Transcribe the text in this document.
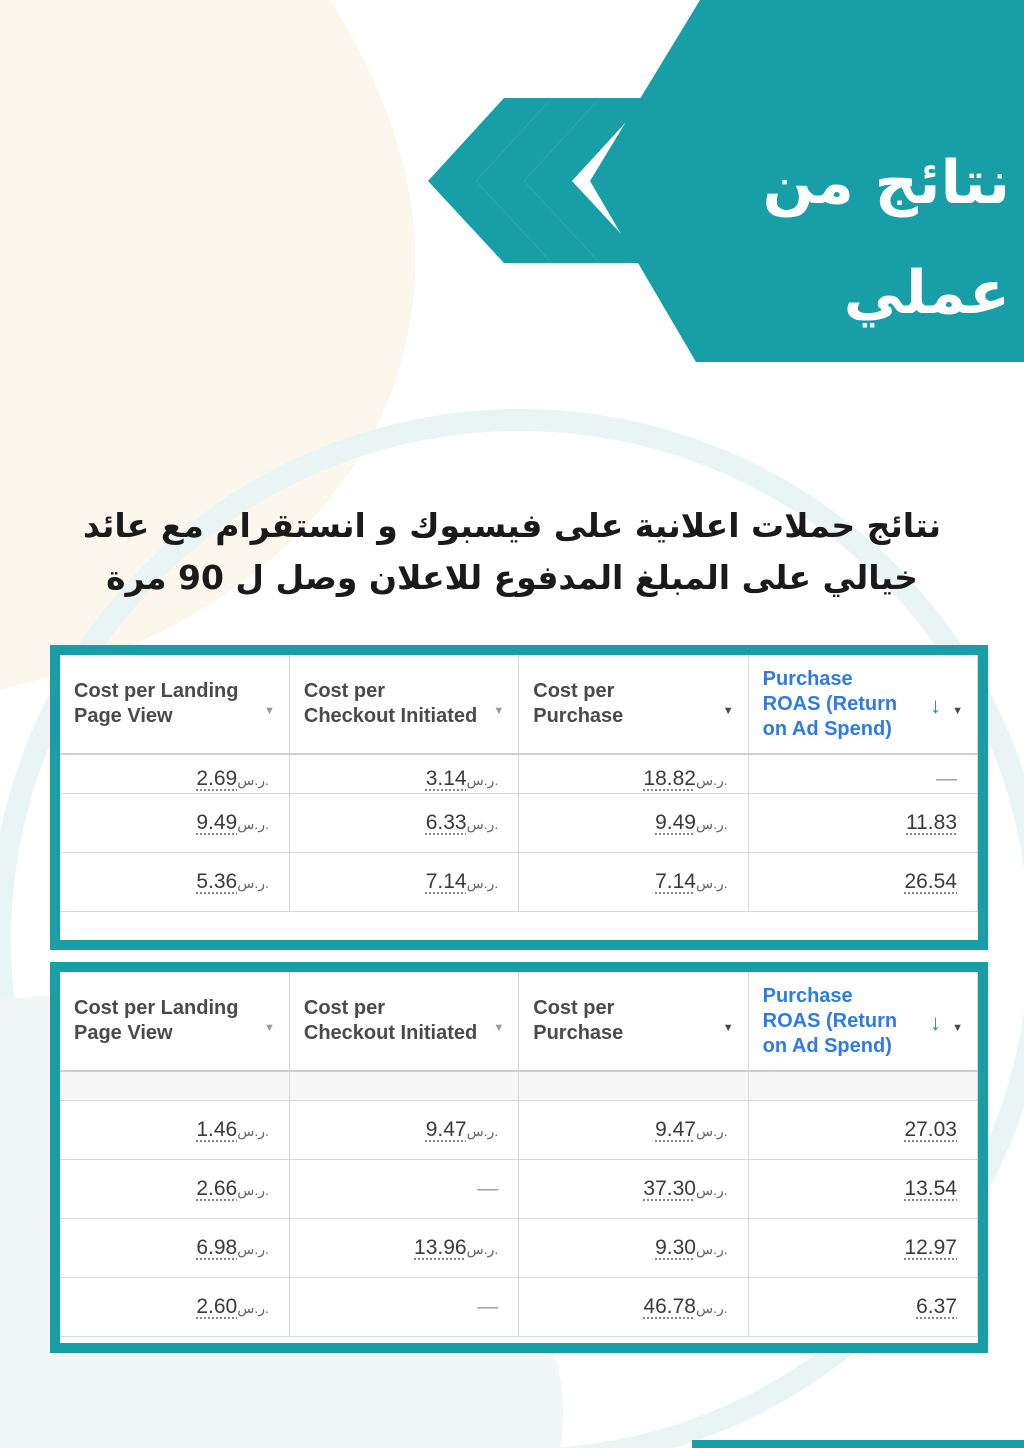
نتائج من عملي
نتائج حملات اعلانية على فيسبوك و انستقرام مع عائد
خيالي على المبلغ المدفوع للاعلان وصل ل 90 مرة
Cost per Landing Page View ▼	Cost per Checkout Initiated ▼	Cost per Purchase ▼	Purchase ROAS (Return on Ad Spend)
↓ ▼

2.69ر.س.	3.14ر.س.	18.82ر.س.	—
9.49ر.س.	6.33ر.س.	9.49ر.س.	11.83
5.36ر.س.	7.14ر.س.	7.14ر.س.	26.54
Cost per Landing Page View ▼	Cost per Checkout Initiated ▼	Cost per Purchase ▼	Purchase ROAS (Return on Ad Spend)
↓ ▼

1.46ر.س.	9.47ر.س.	9.47ر.س.	27.03
2.66ر.س.	—	37.30ر.س.	13.54
6.98ر.س.	13.96ر.س.	9.30ر.س.	12.97
2.60ر.س.	—	46.78ر.س.	6.37
